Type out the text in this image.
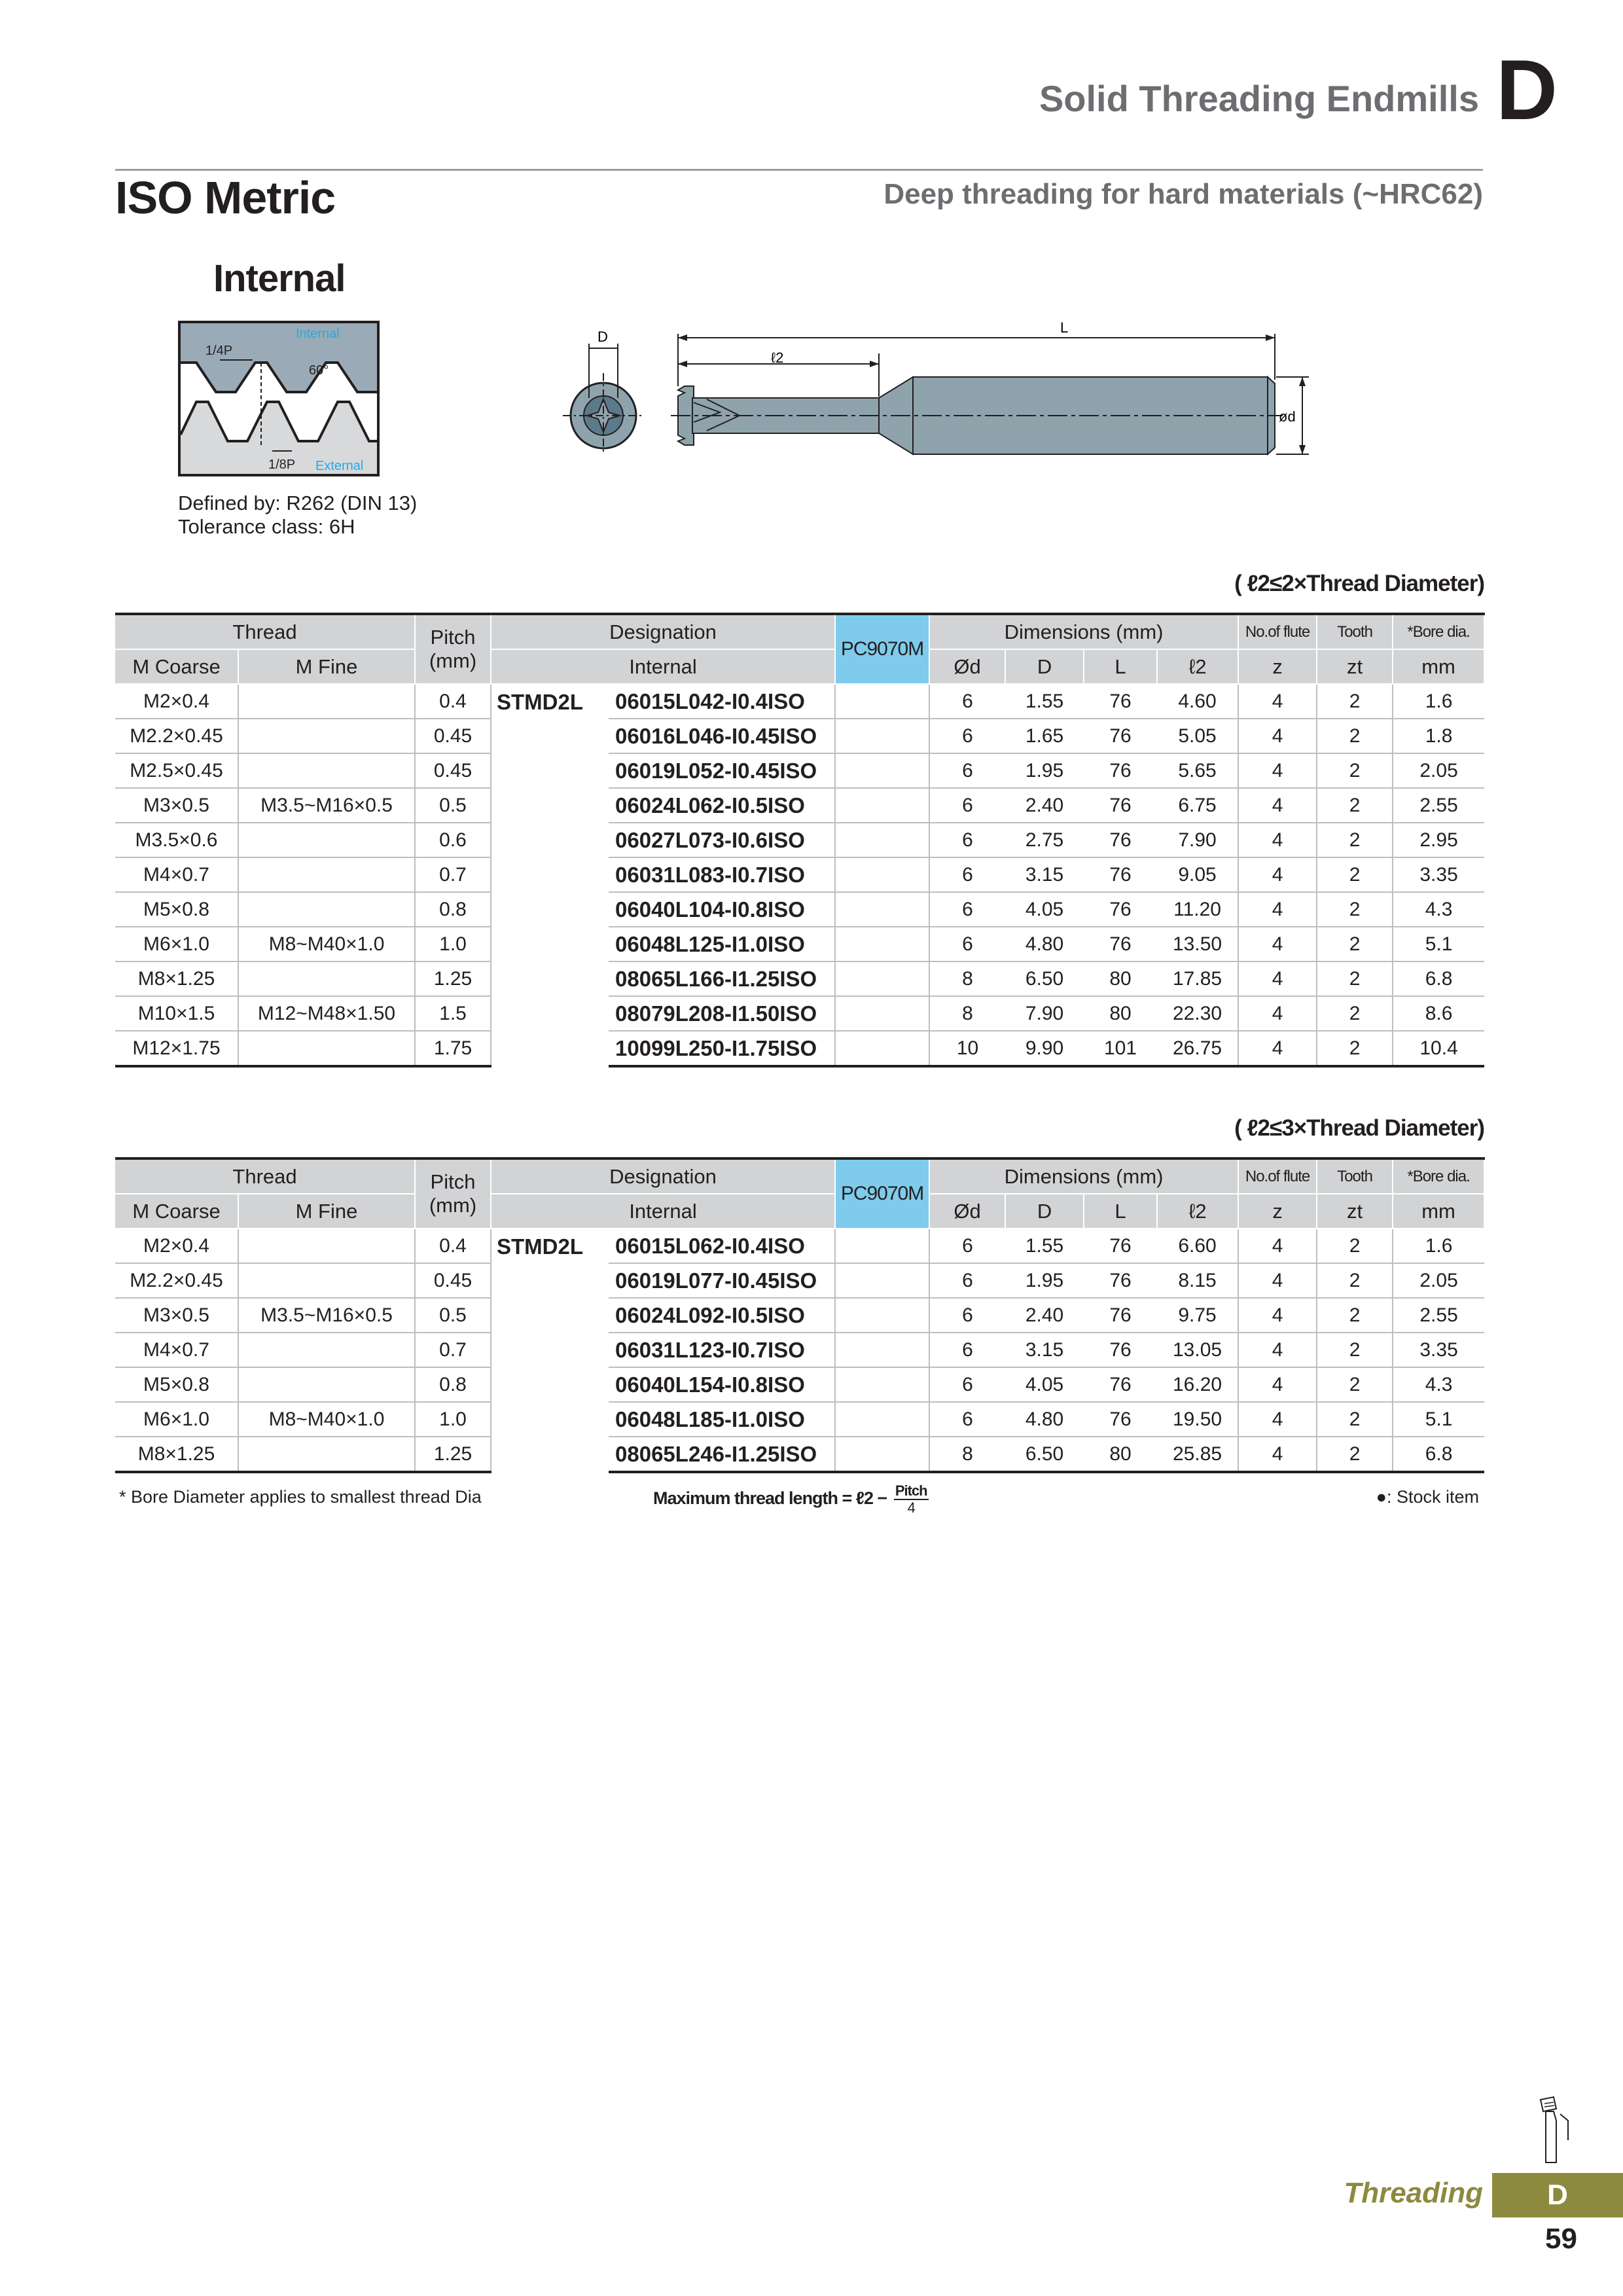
Solid Threading Endmills D
ISO Metric	Deep threading for hard materials (~HRC62)
Internal
Internal
1/4P
60°
1/8P External
D
L
ℓ2
ød
Defined by: R262 (DIN 13)
Tolerance class: 6H
( ℓ2≤2×Thread Diameter)
Thread		Pitch
(mm)	Designation		PC9070M	Dimensions (mm)				No.of flute	Tooth	*Bore dia.
M Coarse	M Fine		Internal			Ød	D	L	ℓ2	z	zt	mm
M2×0.4		0.4	STMD2L	06015L042-I0.4ISO		6	1.55	76	4.60	4	2	1.6
M2.2×0.45		0.45		06016L046-I0.45ISO		6	1.65	76	5.05	4	2	1.8
M2.5×0.45		0.45		06019L052-I0.45ISO		6	1.95	76	5.65	4	2	2.05
M3×0.5	M3.5~M16×0.5	0.5		06024L062-I0.5ISO		6	2.40	76	6.75	4	2	2.55
M3.5×0.6		0.6		06027L073-I0.6ISO		6	2.75	76	7.90	4	2	2.95
M4×0.7		0.7		06031L083-I0.7ISO		6	3.15	76	9.05	4	2	3.35
M5×0.8		0.8		06040L104-I0.8ISO		6	4.05	76	11.20	4	2	4.3
M6×1.0	M8~M40×1.0	1.0		06048L125-I1.0ISO		6	4.80	76	13.50	4	2	5.1
M8×1.25		1.25		08065L166-I1.25ISO		8	6.50	80	17.85	4	2	6.8
M10×1.5	M12~M48×1.50	1.5		08079L208-I1.50ISO		8	7.90	80	22.30	4	2	8.6
M12×1.75		1.75		10099L250-I1.75ISO		10	9.90	101	26.75	4	2	10.4
( ℓ2≤3×Thread Diameter)
Thread		Pitch
(mm)	Designation		PC9070M	Dimensions (mm)				No.of flute	Tooth	*Bore dia.
M Coarse	M Fine		Internal			Ød	D	L	ℓ2	z	zt	mm
M2×0.4		0.4	STMD2L	06015L062-I0.4ISO		6	1.55	76	6.60	4	2	1.6
M2.2×0.45		0.45		06019L077-I0.45ISO		6	1.95	76	8.15	4	2	2.05
M3×0.5	M3.5~M16×0.5	0.5		06024L092-I0.5ISO		6	2.40	76	9.75	4	2	2.55
M4×0.7		0.7		06031L123-I0.7ISO		6	3.15	76	13.05	4	2	3.35
M5×0.8		0.8		06040L154-I0.8ISO		6	4.05	76	16.20	4	2	4.3
M6×1.0	M8~M40×1.0	1.0		06048L185-I1.0ISO		6	4.80	76	19.50	4	2	5.1
M8×1.25		1.25		08065L246-I1.25ISO		8	6.50	80	25.85	4	2	6.8
* Bore Diameter applies to smallest thread Dia	Maximum thread length = ℓ2 − Pitch
4
●: Stock item
Threading	D
59
